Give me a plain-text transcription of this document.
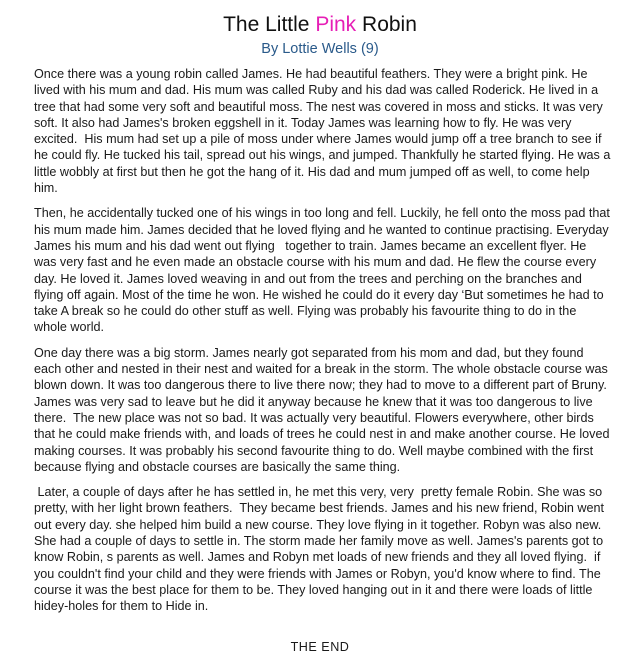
The Little Pink Robin
By Lottie Wells (9)

Once there was a young robin called James. He had beautiful feathers. They were a bright pink. He lived with his mum and dad. His mum was called Ruby and his dad was called Roderick. He lived in a tree that had some very soft and beautiful moss. The nest was covered in moss and sticks. It was very soft. It also had James's broken eggshell in it. Today James was learning how to fly. He was very excited.  His mum had set up a pile of moss under where James would jump off a tree branch to see if he could fly. He tucked his tail, spread out his wings, and jumped. Thankfully he started flying. He was a little wobbly at first but then he got the hang of it. His dad and mum jumped off as well, to come help him.

Then, he accidentally tucked one of his wings in too long and fell. Luckily, he fell onto the moss pad that his mum made him. James decided that he loved flying and he wanted to continue practising. Everyday James his mum and his dad went out flying   together to train. James became an excellent flyer. He was very fast and he even made an obstacle course with his mum and dad. He flew the course every day. He loved it. James loved weaving in and out from the trees and perching on the branches and flying off again. Most of the time he won. He wished he could do it every day ‘But sometimes he had to take A break so he could do other stuff as well. Flying was probably his favourite thing to do in the whole world.

One day there was a big storm. James nearly got separated from his mom and dad, but they found each other and nested in their nest and waited for a break in the storm. The whole obstacle course was blown down. It was too dangerous there to live there now; they had to move to a different part of Bruny. James was very sad to leave but he did it anyway because he knew that it was too dangerous to live there.  The new place was not so bad. It was actually very beautiful. Flowers everywhere, other birds that he could make friends with, and loads of trees he could nest in and make another course. He loved making courses. It was probably his second favourite thing to do. Well maybe combined with the first because flying and obstacle courses are basically the same thing.

Later, a couple of days after he has settled in, he met this very, very  pretty female Robin. She was so pretty, with her light brown feathers.  They became best friends. James and his new friend, Robin went out every day. she helped him build a new course. They love flying in it together. Robyn was also new. She had a couple of days to settle in. The storm made her family move as well. James's parents got to know Robin, s parents as well. James and Robyn met loads of new friends and they all loved flying.  if you couldn't find your child and they were friends with James or Robyn, you'd know where to find. The course it was the best place for them to be. They loved hanging out in it and there were loads of little hidey-holes for them to Hide in.

THE END
